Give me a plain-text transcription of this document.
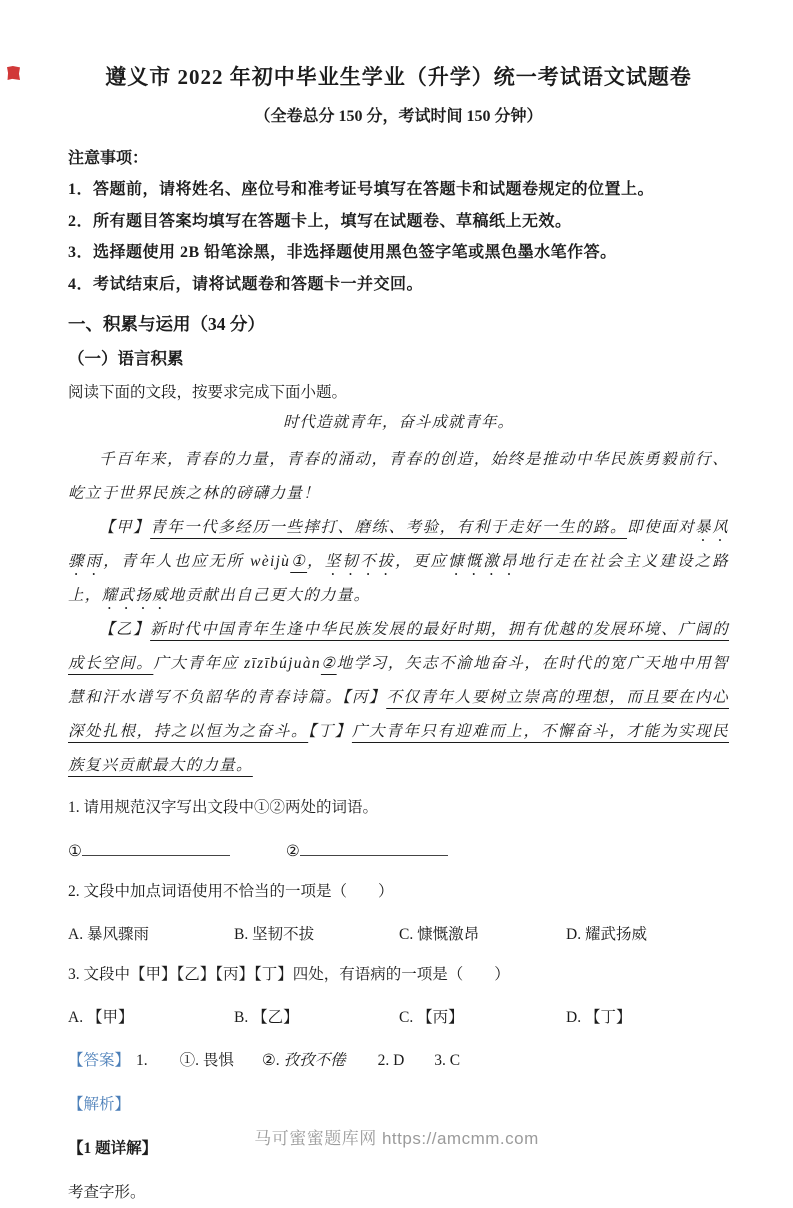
遵义市 2022 年初中毕业生学业（升学）统一考试语文试题卷
（全卷总分 150 分，考试时间 150 分钟）
注意事项：
1．答题前，请将姓名、座位号和准考证号填写在答题卡和试题卷规定的位置上。
2．所有题目答案均填写在答题卡上，填写在试题卷、草稿纸上无效。
3．选择题使用 2B 铅笔涂黑，非选择题使用黑色签字笔或黑色墨水笔作答。
4．考试结束后，请将试题卷和答题卡一并交回。
一、积累与运用（34 分）
（一）语言积累
阅读下面的文段，按要求完成下面小题。
时代造就青年，奋斗成就青年。

千百年来，青春的力量，青春的涌动，青春的创造，始终是推动中华民族勇毅前行、屹立于世界民族之林的磅礴力量！

【甲】青年一代多经历一些摔打、磨练、考验，有利于走好一生的路。即使面对暴风骤雨，青年人也应无所 wèijù①，坚韧不拔，更应慷慨激昂地行走在社会主义建设之路上，耀武扬威地贡献出自己更大的力量。

【乙】新时代中国青年生逢中华民族发展的最好时期，拥有优越的发展环境、广阔的成长空间。广大青年应 zīzībújuàn②地学习，矢志不渝地奋斗，在时代的宽广天地中用智慧和汗水谱写不负韶华的青春诗篇。【丙】不仅青年人要树立崇高的理想，而且要在内心深处扎根，持之以恒为之奋斗。【丁】广大青年只有迎难而上，不懈奋斗，才能为实现民族复兴贡献最大的力量。

1. 请用规范汉字写出文段中①②两处的词语。
①	②
2. 文段中加点词语使用不恰当的一项是（　　）
A. 暴风骤雨	B. 坚韧不拔	C. 慷慨激昂	D. 耀武扬威
3. 文段中【甲】【乙】【丙】【丁】四处，有语病的一项是（　　）
A. 【甲】	B. 【乙】	C. 【丙】	D. 【丁】
【答案】 1. ①. 畏惧 ②. 孜孜不倦 2. D 3. C
【解析】
【1 题详解】
考查字形。
马可蜜蜜题库网 https://amcmm.com
